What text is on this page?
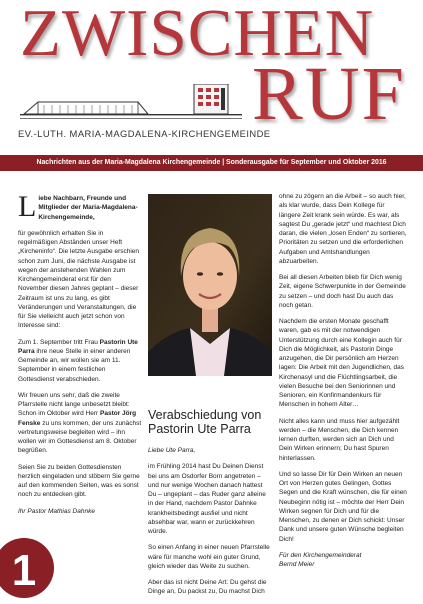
ZWISCHEN
RUF
EV.-LUTH. MARIA-MAGDALENA-KIRCHENGEMEINDE
Nachrichten aus der Maria-Magdalena Kirchengemeinde | Sonderausgabe für September und Oktober 2016

L iebe Nachbarn, Freunde und Mitglieder der Maria-Magdalena-Kirchengemeinde,

für gewöhnlich erhalten Sie in regelmäßigen Abständen unser Heft „Kircheninfo“. Die letzte Ausgabe erschien schon zum Juni, die nächste Ausgabe ist wegen der anstehenden Wahlen zum Kirchengemeinderat erst für den November diesen Jahres geplant – dieser Zeitraum ist uns zu lang, es gibt Veränderungen und Veranstaltungen, die für Sie vielleicht auch jetzt schon von Interesse sind:

Zum 1. September tritt Frau Pastorin Ute Parra ihre neue Stelle in einer anderen Gemeinde an, wir wollen sie am 11. September in einem festlichen Gottesdienst verabschieden.

Wir freuen uns sehr, daß die zweite Pfarrstelle nicht lange unbesetzt bleibt: Schon im Oktober wird Herr Pastor Jörg Fenske zu uns kommen, der uns zunächst vertretungsweise begleiten wird – ihn wollen wir im Gottesdienst am 8. Oktober begrüßen.

Seien Sie zu beiden Gottesdiensten herzlich eingeladen und stöbern Sie gerne auf den kommenden Seiten, was es sonst noch zu entdecken gibt.

Ihr Pastor Mathias Dahnke

Verabschiedung von Pastorin Ute Parra

Liebe Ute Parra,

im Frühling 2014 hast Du Deinen Dienst bei uns am Osdorfer Born angetreten – und nur wenige Wochen danach hattest Du – ungeplant – das Ruder ganz alleine in der Hand, nachdem Pastor Dahnke krankheitsbedingt ausfiel und nicht absehbar war, wann er zurückkehren würde.

So einen Anfang in einer neuen Pfarrstelle wäre für manche wohl ein guter Grund, gleich wieder das Weite zu suchen.

Aber das ist nicht Deine Art: Du gehst die Dinge an, Du packst zu, Du machst Dich

ohne zu zögern an die Arbeit – so auch hier, als klar wurde, dass Dein Kollege für längere Zeit krank sein würde. Es war, als sagtest Du „gerade jetzt“ und machtest Dich daran, die vielen „losen Enden“ zu sortieren, Prioritäten zu setzen und die erforderlichen Aufgaben und Amtshandlungen abzuarbeiten.

Bei all diesen Arbeiten blieb für Dich wenig Zeit, eigene Schwerpunkte in der Gemeinde zu setzen – und doch hast Du auch das noch getan.

Nachdem die ersten Monate geschafft waren, gab es mit der notwendigen Unterstützung durch eine Kollegin auch für Dich die Möglichkeit, als Pastorin Dinge anzugehen, die Dir persönlich am Herzen lagen: Die Arbeit mit den Jugendlichen, das Kirchenasyl und die Flüchtlingsarbeit, die vielen Besuche bei den Seniorinnen und Senioren, ein Konfirmandenkurs für Menschen in hohem Alter…

Nicht alles kann und muss hier aufgezählt werden – die Menschen, die Dich kennen lernen durften, werden sich an Dich und Dein Wirken erinnern; Du hast Spuren hinterlassen.

Und so lasse Dir für Dein Wirken an neuen Ort von Herzen gutes Gelingen, Gottes Segen und die Kraft wünschen, die für einen Neubeginn nötig ist – möchte der Herr Dein Wirken segnen für Dich und für die Menschen, zu denen er Dich schickt: Unser Dank und unsere guten Wünsche begleiten Dich!

Für den Kirchengemeinderat

Bernd Meier

1
